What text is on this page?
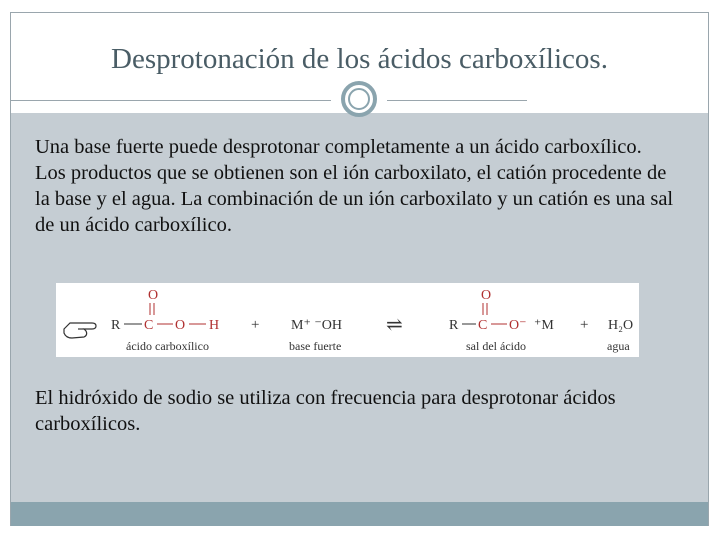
Desprotonación de los ácidos carboxílicos.

Una base fuerte puede desprotonar completamente a un ácido carboxílico. Los productos que se obtienen son el ión carboxilato, el catión procedente de la base y el agua. La combinación de un ión carboxilato y un catión es una sal de un ácido carboxílico.

O
R C O H
ácido carboxílico
+ M⁺ ⁻OH
base fuerte
⇌
O
R C O⁻ ⁺M
sal del ácido
+ H₂O
agua

El hidróxido de sodio se utiliza con frecuencia para desprotonar ácidos carboxílicos.
